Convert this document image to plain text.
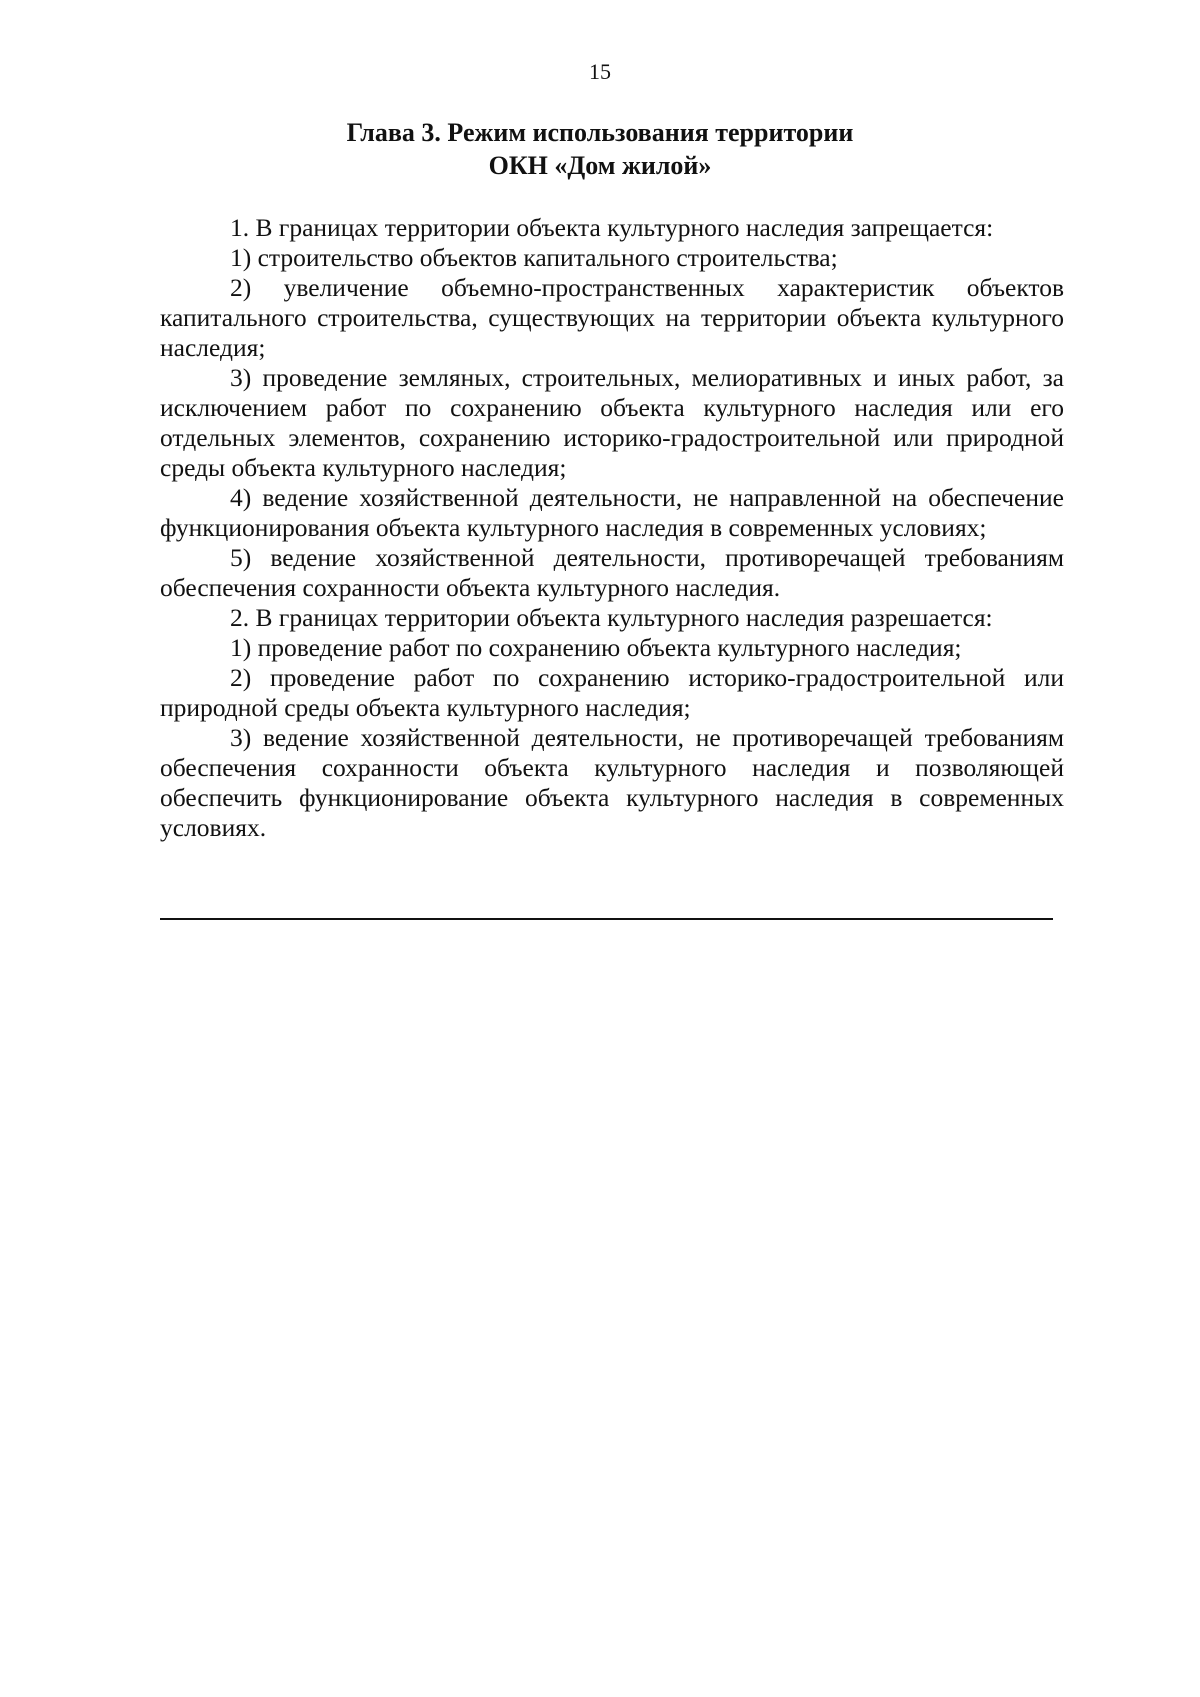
15
Глава 3. Режим использования территории
ОКН «Дом жилой»

1. В границах территории объекта культурного наследия запрещается:

1) строительство объектов капитального строительства;

2) увеличение объемно-пространственных характеристик объектов капитального строительства, существующих на территории объекта культурного наследия;

3) проведение земляных, строительных, мелиоративных и иных работ, за исключением работ по сохранению объекта культурного наследия или его отдельных элементов, сохранению историко-градостроительной или природной среды объекта культурного наследия;

4) ведение хозяйственной деятельности, не направленной на обеспечение функционирования объекта культурного наследия в современных условиях;

5) ведение хозяйственной деятельности, противоречащей требованиям обеспечения сохранности объекта культурного наследия.

2. В границах территории объекта культурного наследия разрешается:

1) проведение работ по сохранению объекта культурного наследия;

2) проведение работ по сохранению историко-градостроительной или природной среды объекта культурного наследия;

3) ведение хозяйственной деятельности, не противоречащей требованиям обеспечения сохранности объекта культурного наследия и позволяющей обеспечить функционирование объекта культурного наследия в современных условиях.
